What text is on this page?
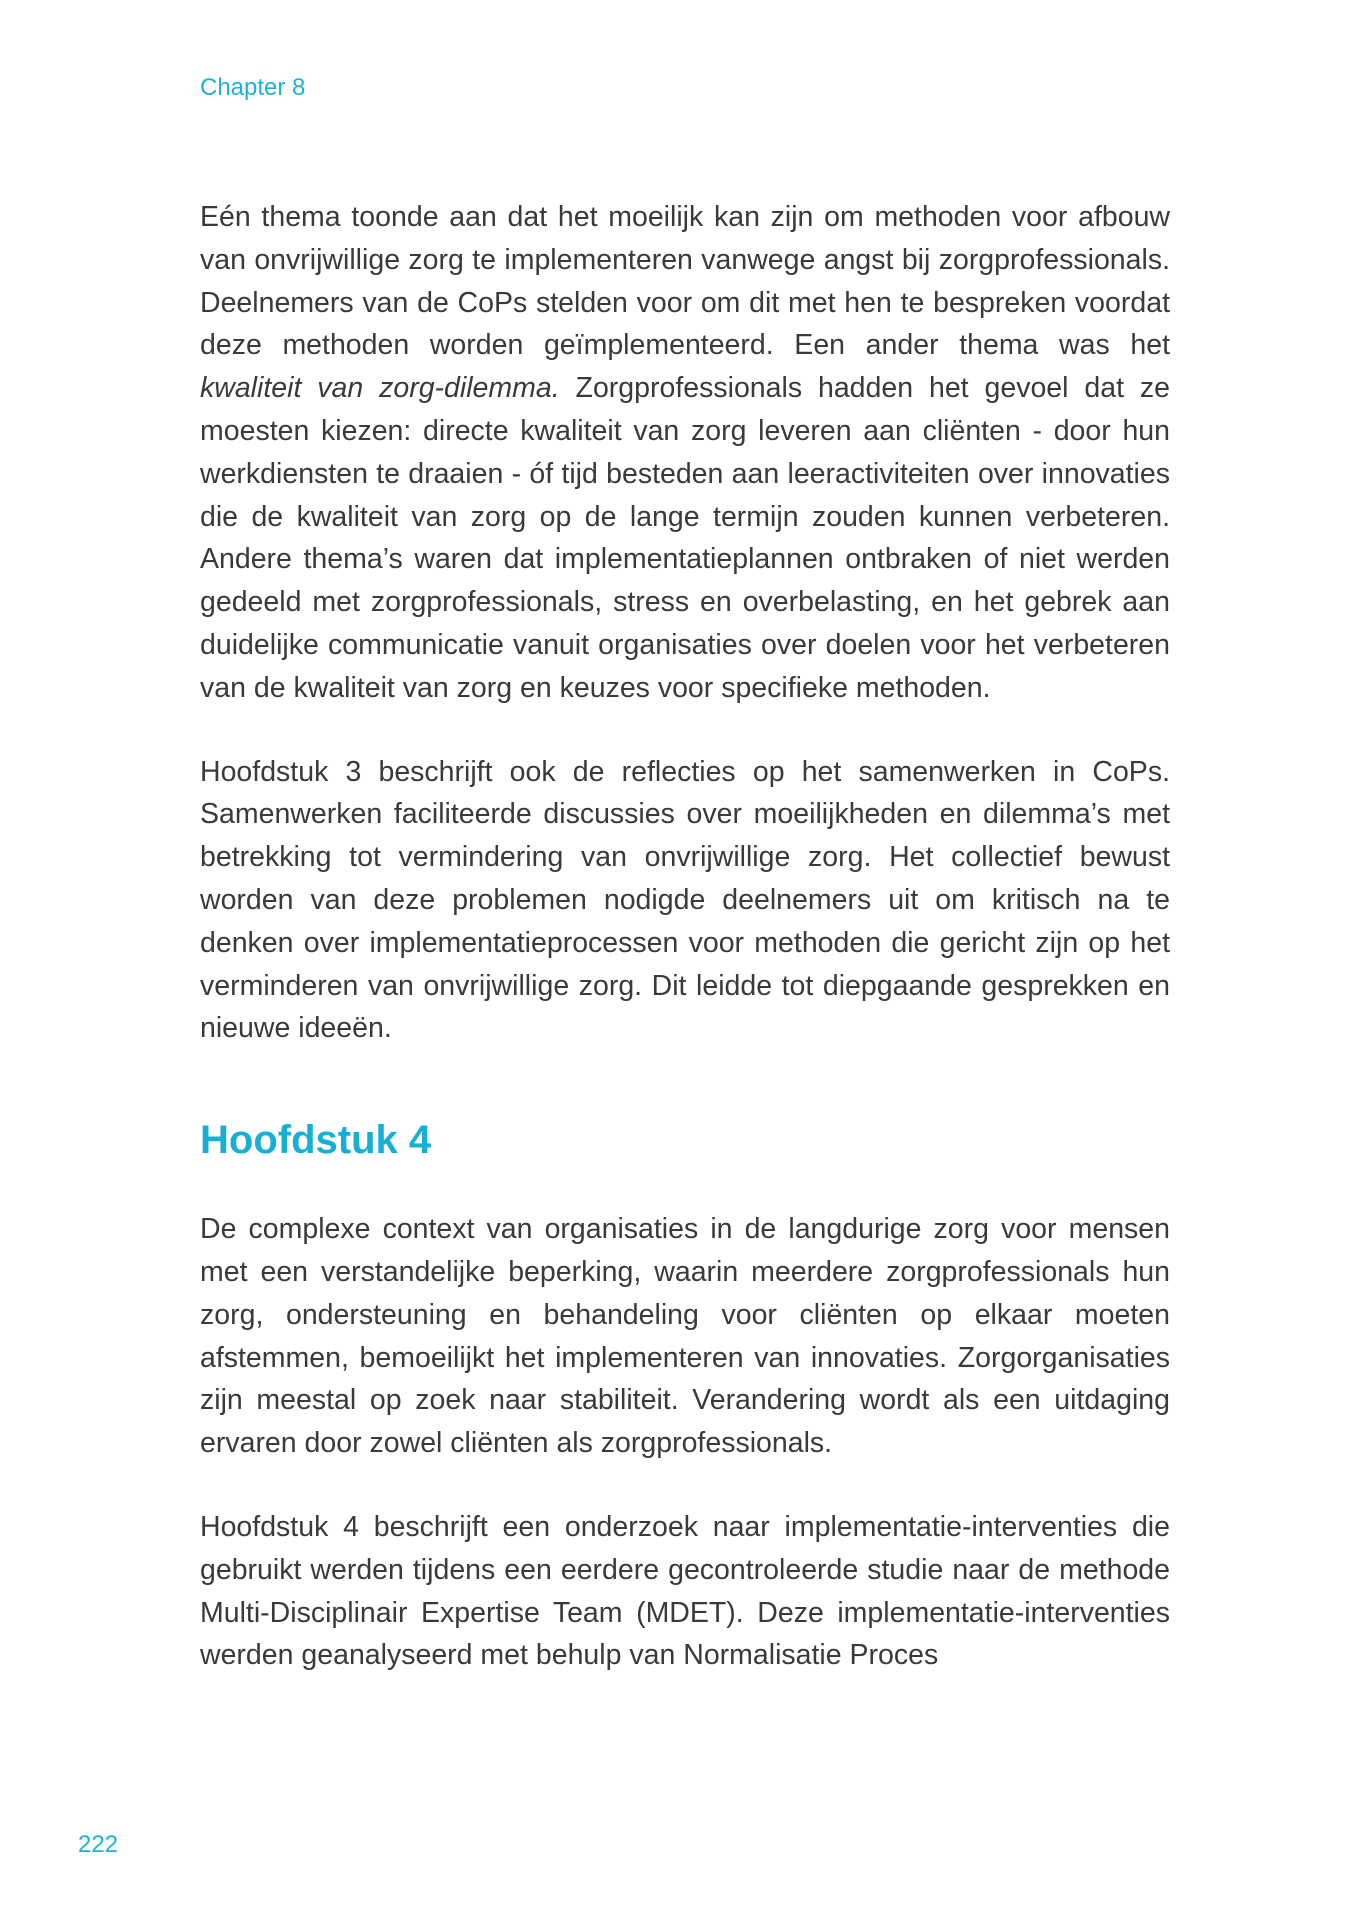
Chapter 8

Eén thema toonde aan dat het moeilijk kan zijn om methoden voor afbouw van onvrijwillige zorg te implementeren vanwege angst bij zorgprofessionals. Deelnemers van de CoPs stelden voor om dit met hen te bespreken voordat deze methoden worden geïmplementeerd. Een ander thema was het kwaliteit van zorg-dilemma. Zorgprofessionals hadden het gevoel dat ze moesten kiezen: directe kwaliteit van zorg leveren aan cliënten - door hun werkdiensten te draaien - óf tijd besteden aan leeractiviteiten over innovaties die de kwaliteit van zorg op de lange termijn zouden kunnen verbeteren. Andere thema’s waren dat implementatieplannen ontbraken of niet werden gedeeld met zorgprofessionals, stress en overbelasting, en het gebrek aan duidelijke communicatie vanuit organisaties over doelen voor het verbeteren van de kwaliteit van zorg en keuzes voor specifieke methoden.

Hoofdstuk 3 beschrijft ook de reflecties op het samenwerken in CoPs. Samenwerken faciliteerde discussies over moeilijkheden en dilemma’s met betrekking tot vermindering van onvrijwillige zorg. Het collectief bewust worden van deze problemen nodigde deelnemers uit om kritisch na te denken over implementatieprocessen voor methoden die gericht zijn op het verminderen van onvrijwillige zorg. Dit leidde tot diepgaande gesprekken en nieuwe ideeën.

Hoofdstuk 4

De complexe context van organisaties in de langdurige zorg voor mensen met een verstandelijke beperking, waarin meerdere zorgprofessionals hun zorg, ondersteuning en behandeling voor cliënten op elkaar moeten afstemmen, bemoeilijkt het implementeren van innovaties. Zorgorganisaties zijn meestal op zoek naar stabiliteit. Verandering wordt als een uitdaging ervaren door zowel cliënten als zorgprofessionals.

Hoofdstuk 4 beschrijft een onderzoek naar implementatie-interventies die gebruikt werden tijdens een eerdere gecontroleerde studie naar de methode Multi-Disciplinair Expertise Team (MDET). Deze implementatie-interventies werden geanalyseerd met behulp van Normalisatie Proces

222
